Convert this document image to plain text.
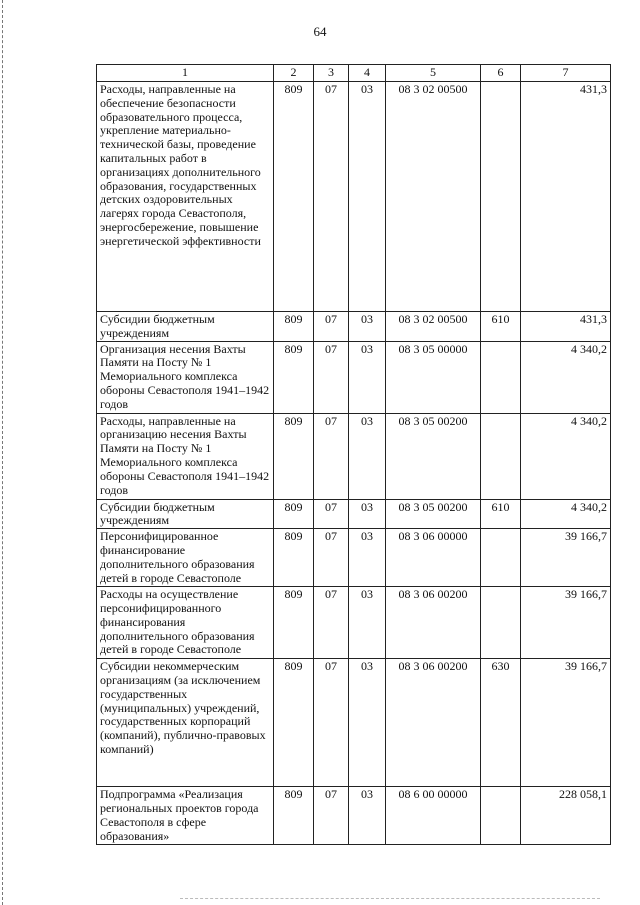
64
1	2	3	4	5	6	7
Расходы, направленные на обеспечение безопасности образовательного процесса, укрепление материально-технической базы, проведение капитальных работ в организациях дополнительного образования, государственных детских оздоровительных лагерях города Севастополя, энергосбережение, повышение энергетической эффективности	809	07	03	08 3 02 00500		431,3
Субсидии бюджетным учреждениям	809	07	03	08 3 02 00500	610	431,3
Организация несения Вахты Памяти на Посту № 1 Мемориального комплекса обороны Севастополя 1941–1942 годов	809	07	03	08 3 05 00000		4 340,2
Расходы, направленные на организацию несения Вахты Памяти на Посту № 1 Мемориального комплекса обороны Севастополя 1941–1942 годов	809	07	03	08 3 05 00200		4 340,2
Субсидии бюджетным учреждениям	809	07	03	08 3 05 00200	610	4 340,2
Персонифицированное финансирование дополнительного образования детей в городе Севастополе	809	07	03	08 3 06 00000		39 166,7
Расходы на осуществление персонифицированного финансирования дополнительного образования детей в городе Севастополе	809	07	03	08 3 06 00200		39 166,7
Субсидии некоммерческим организациям (за исключением государственных (муниципальных) учреждений, государственных корпораций (компаний), публично-правовых компаний)	809	07	03	08 3 06 00200	630	39 166,7
Подпрограмма «Реализация региональных проектов города Севастополя в сфере образования»	809	07	03	08 6 00 00000		228 058,1
